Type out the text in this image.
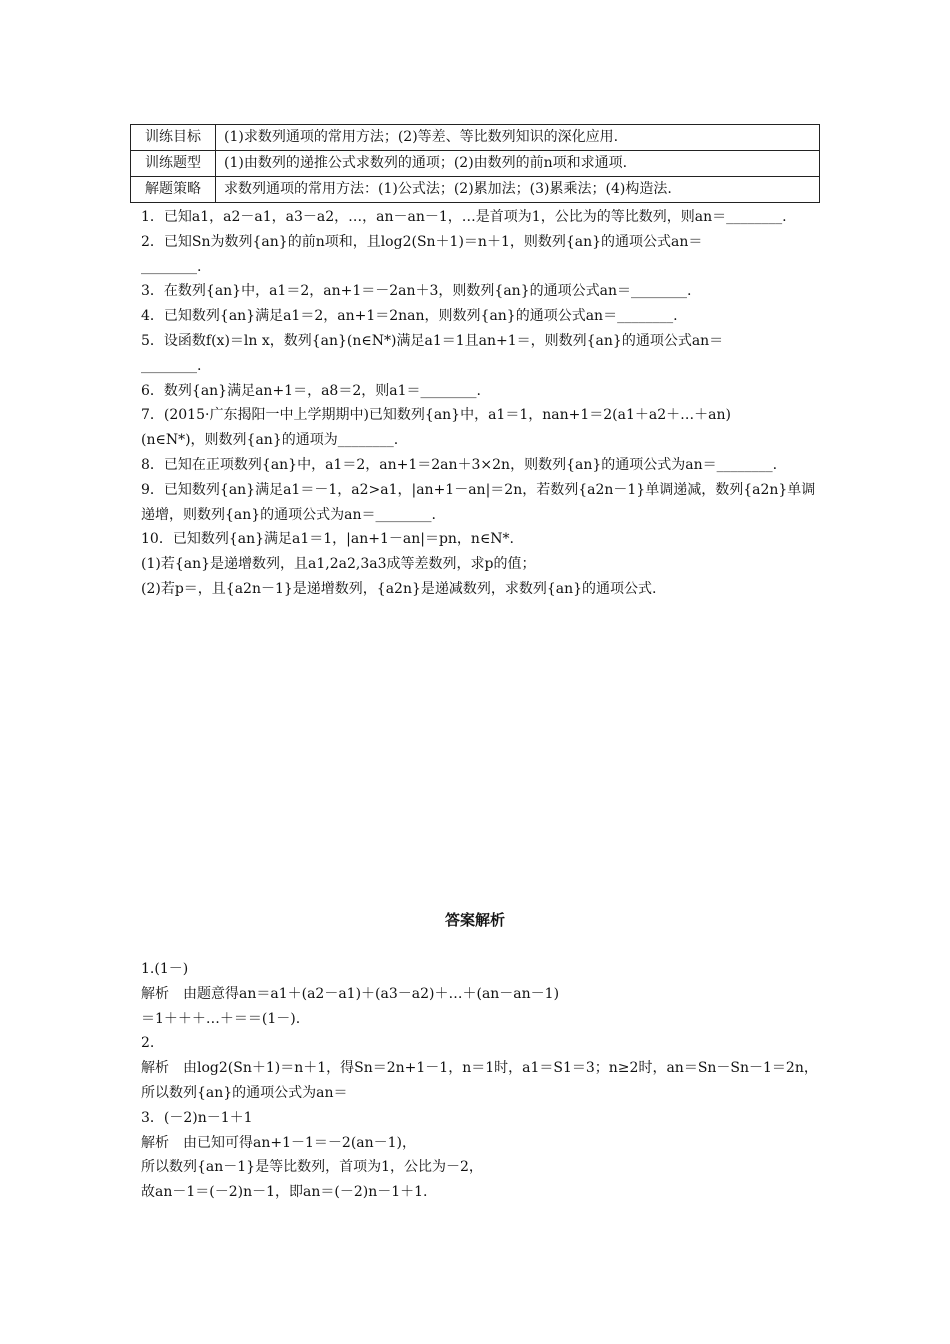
训练目标	(1)求数列通项的常用方法；(2)等差、等比数列知识的深化应用.
训练题型	(1)由数列的递推公式求数列的通项；(2)由数列的前n项和求通项.
解题策略	求数列通项的常用方法：(1)公式法；(2)累加法；(3)累乘法；(4)构造法.
1．已知a1，a2－a1，a3－a2，…，an－an－1，…是首项为1，公比为的等比数列，则an＝________.
2．已知Sn为数列{an}的前n项和，且log2(Sn＋1)＝n＋1，则数列{an}的通项公式an＝
________.
3．在数列{an}中，a1＝2，an+1＝－2an＋3，则数列{an}的通项公式an＝________.
4．已知数列{an}满足a1＝2，an+1＝2nan，则数列{an}的通项公式an＝________.
5．设函数f(x)＝ln x，数列{an}(n∈N*)满足a1＝1且an+1＝，则数列{an}的通项公式an＝
________.
6．数列{an}满足an+1＝，a8＝2，则a1＝________.
7．(2015·广东揭阳一中上学期期中)已知数列{an}中，a1＝1，nan+1＝2(a1＋a2＋…＋an)
(n∈N*)，则数列{an}的通项为________.
8．已知在正项数列{an}中，a1＝2，an+1＝2an＋3×2n，则数列{an}的通项公式为an＝________.
9．已知数列{an}满足a1＝－1，a2>a1，|an+1－an|＝2n，若数列{a2n－1}单调递减，数列{a2n}单调
递增，则数列{an}的通项公式为an＝________.
10．已知数列{an}满足a1＝1，|an+1－an|＝pn，n∈N*.
(1)若{an}是递增数列，且a1,2a2,3a3成等差数列，求p的值；
(2)若p＝，且{a2n－1}是递增数列，{a2n}是递减数列，求数列{an}的通项公式.
答案解析
1.(1－)
解析　由题意得an＝a1＋(a2－a1)＋(a3－a2)＋…＋(an－an－1)
＝1＋＋＋…＋＝＝(1－).
2.
解析　由log2(Sn＋1)＝n＋1，得Sn＝2n+1－1，n＝1时，a1＝S1＝3；n≥2时，an＝Sn－Sn－1＝2n，
所以数列{an}的通项公式为an＝
3．(－2)n－1＋1
解析　由已知可得an+1－1＝－2(an－1)，
所以数列{an－1}是等比数列，首项为1，公比为－2，
故an－1＝(－2)n－1，即an＝(－2)n－1＋1.
